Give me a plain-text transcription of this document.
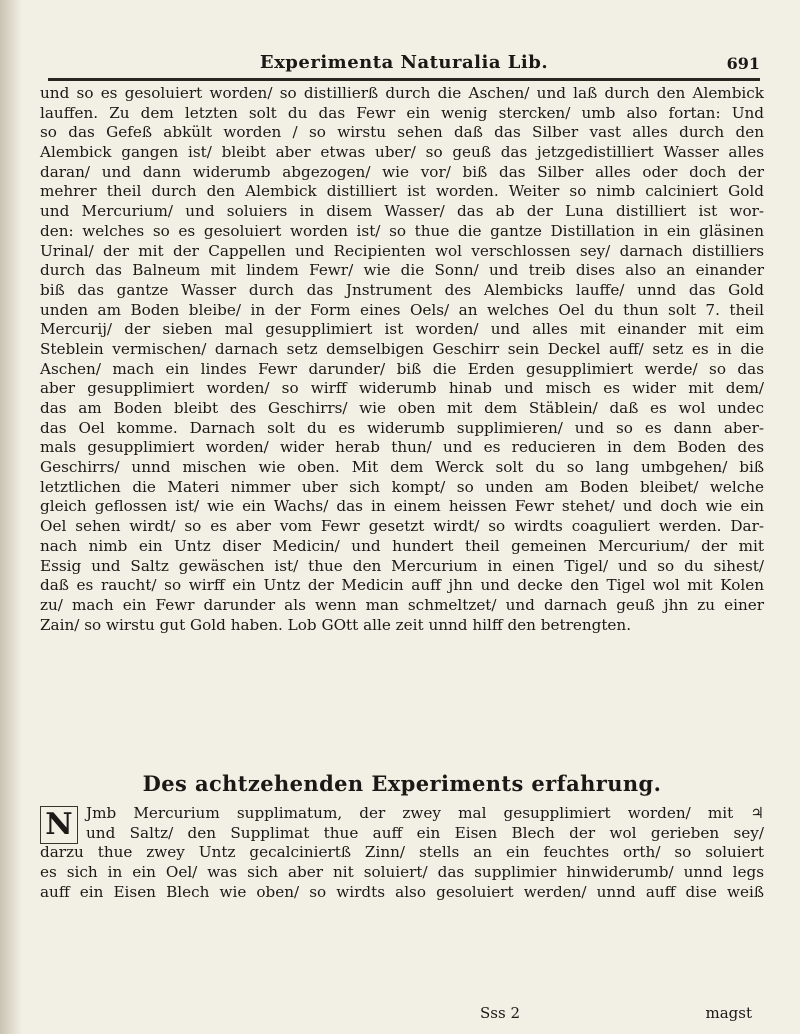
Experimenta Naturalia Lib.	691
und so es gesoluiert worden/ so distillierß durch die Aschen/ und laß durch den Alembick
lauffen. Zu dem letzten solt du das Fewr ein wenig stercken/ umb also fortan: Und
so das Gefeß abkült worden / so wirstu sehen daß das Silber vast alles durch den
Alembick gangen ist/ bleibt aber etwas uber/ so geuß das jetzgedistilliert Wasser alles
daran/ und dann widerumb abgezogen/ wie vor/ biß das Silber alles oder doch der
mehrer theil durch den Alembick distilliert ist worden. Weiter so nimb calciniert Gold
und Mercurium/ und soluiers in disem Wasser/ das ab der Luna distilliert ist wor-
den: welches so es gesoluiert worden ist/ so thue die gantze Distillation in ein gläsinen
Urinal/ der mit der Cappellen und Recipienten wol verschlossen sey/ darnach distilliers
durch das Balneum mit lindem Fewr/ wie die Sonn/ und treib dises also an einander
biß das gantze Wasser durch das Jnstrument des Alembicks lauffe/ unnd das Gold
unden am Boden bleibe/ in der Form eines Oels/ an welches Oel du thun solt 7. theil
Mercurij/ der sieben mal gesupplimiert ist worden/ und alles mit einander mit eim
Steblein vermischen/ darnach setz demselbigen Geschirr sein Deckel auff/ setz es in die
Aschen/ mach ein lindes Fewr darunder/ biß die Erden gesupplimiert werde/ so das
aber gesupplimiert worden/ so wirff widerumb hinab und misch es wider mit dem/
das am Boden bleibt des Geschirrs/ wie oben mit dem Stäblein/ daß es wol undec
das Oel komme. Darnach solt du es widerumb supplimieren/ und so es dann aber-
mals gesupplimiert worden/ wider herab thun/ und es reducieren in dem Boden des
Geschirrs/ unnd mischen wie oben. Mit dem Werck solt du so lang umbgehen/ biß
letztlichen die Materi nimmer uber sich kompt/ so unden am Boden bleibet/ welche
gleich geflossen ist/ wie ein Wachs/ das in einem heissen Fewr stehet/ und doch wie ein
Oel sehen wirdt/ so es aber vom Fewr gesetzt wirdt/ so wirdts coaguliert werden. Dar-
nach nimb ein Untz diser Medicin/ und hundert theil gemeinen Mercurium/ der mit
Essig und Saltz gewäschen ist/ thue den Mercurium in einen Tigel/ und so du sihest/
daß es raucht/ so wirff ein Untz der Medicin auff jhn und decke den Tigel wol mit Kolen
zu/ mach ein Fewr darunder als wenn man schmeltzet/ und darnach geuß jhn zu einer
Zain/ so wirstu gut Gold haben. Lob GOtt alle zeit unnd hilff den betrengten.
Des achtzehenden Experiments erfahrung.
N Jmb Mercurium supplimatum, der zwey mal gesupplimiert worden/ mit ♃
und Saltz/ den Supplimat thue auff ein Eisen Blech der wol gerieben sey/
darzu thue zwey Untz gecalciniertß Zinn/ stells an ein feuchtes orth/ so soluiert
es sich in ein Oel/ was sich aber nit soluiert/ das supplimier hinwiderumb/ unnd legs
auff ein Eisen Blech wie oben/ so wirdts also gesoluiert werden/ unnd auff dise weiß
Sss 2	magst
